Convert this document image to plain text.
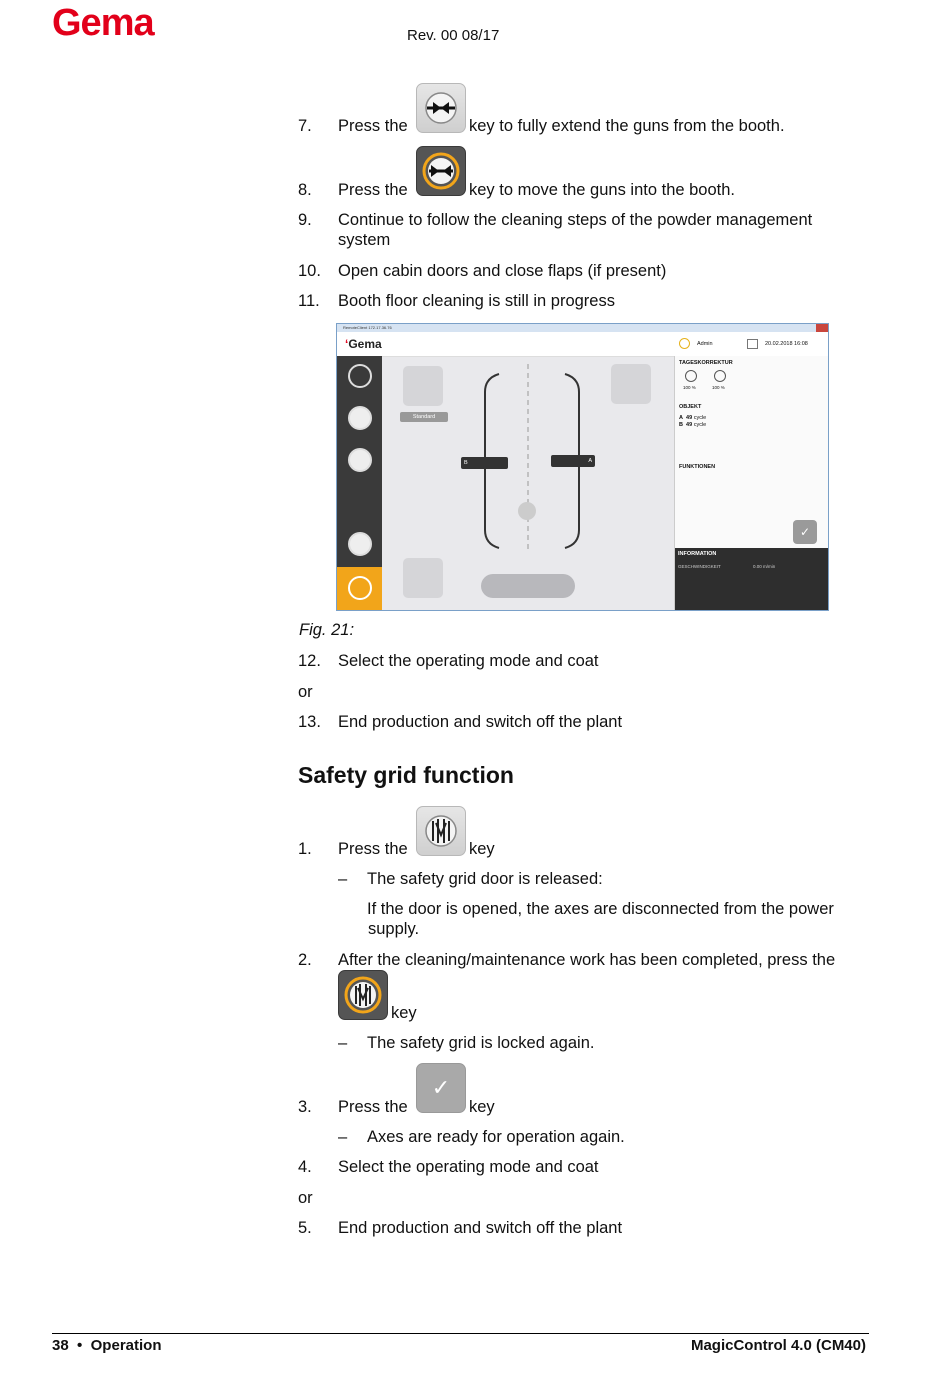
Gema	Rev. 00 08/17
7. Press the	key to fully extend the guns from the booth.
8. Press the	key to move the guns into the booth.
9. Continue to follow the cleaning steps of the powder management
system
10. Open cabin doors and close flaps (if present)
11. Booth floor cleaning is still in progress
RemoteClient 172.17.36.76
‘Gema	Admin	20.02.2018 16:08
Standard
B	A
TAGESKORREKTUR
100 %	100 %
OBJEKT
A 49 cycle
B 49 cycle
FUNKTIONEN
✓
INFORMATION
GESCHWINDIGKEIT	0.00 m/min
Fig. 21:
12. Select the operating mode and coat
or
13. End production and switch off the plant
Safety grid function
1. Press the	key
– The safety grid door is released:
If the door is opened, the axes are disconnected from the power
supply.
2. After the cleaning/maintenance work has been completed, press the
key
– The safety grid is locked again.
3. Press the
✓
key
– Axes are ready for operation again.
4. Select the operating mode and coat
or
5. End production and switch off the plant
38 • Operation	MagicControl 4.0 (CM40)
